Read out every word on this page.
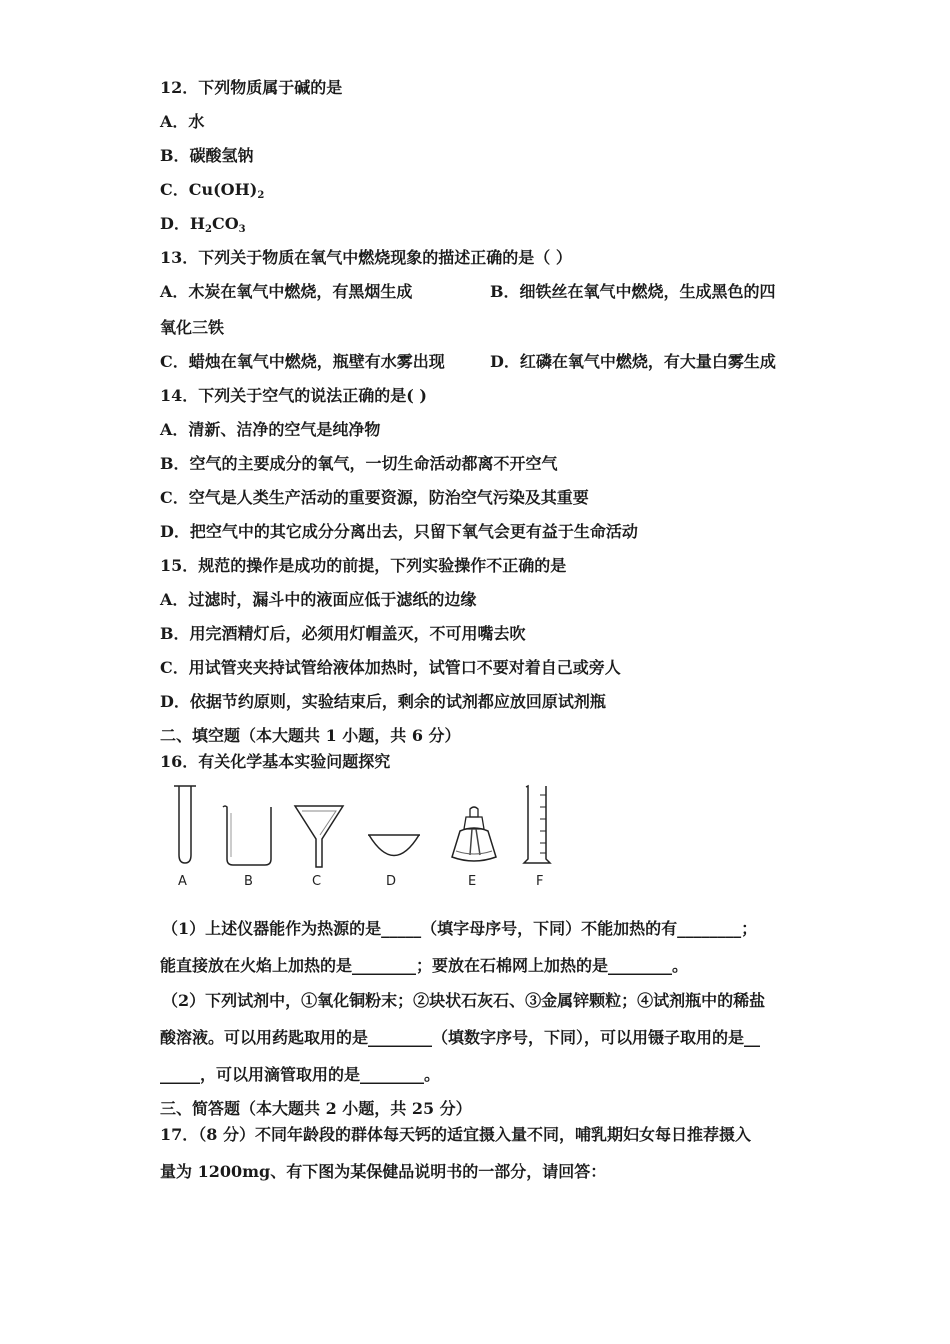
12．下列物质属于碱的是
A．水
B．碳酸氢钠
C．$Cu(OH)_2$
D．$H_2CO_3$
13．下列关于物质在氧气中燃烧现象的描述正确的是（ ）
A．木炭在氧气中燃烧，有黑烟生成	B．细铁丝在氧气中燃烧，生成黑色的四
氧化三铁
C．蜡烛在氧气中燃烧，瓶壁有水雾出现	D．红磷在氧气中燃烧，有大量白雾生成
14．下列关于空气的说法正确的是( )
A．清新、洁净的空气是纯净物
B．空气的主要成分的氧气，一切生命活动都离不开空气
C．空气是人类生产活动的重要资源，防治空气污染及其重要
D．把空气中的其它成分分离出去，只留下氧气会更有益于生命活动
15．规范的操作是成功的前提，下列实验操作不正确的是
A．过滤时，漏斗中的液面应低于滤纸的边缘
B．用完酒精灯后，必须用灯帽盖灭，不可用嘴去吹
C．用试管夹夹持试管给液体加热时，试管口不要对着自己或旁人
D．依据节约原则，实验结束后，剩余的试剂都应放回原试剂瓶
二、填空题（本大题共 1 小题，共 6 分）
16．有关化学基本实验问题探究
A	B	C	D	E	F
（1）上述仪器能作为热源的是_____（填字母序号，下同）不能加热的有________；
能直接放在火焰上加热的是________；要放在石棉网上加热的是________。
（2）下列试剂中，①氧化铜粉末；②块状石灰石、③金属锌颗粒；④试剂瓶中的稀盐
酸溶液。可以用药匙取用的是________（填数字序号，下同），可以用镊子取用的是__
_____，可以用滴管取用的是________。
三、简答题（本大题共 2 小题，共 25 分）
17．（8 分）不同年龄段的群体每天钙的适宜摄入量不同，哺乳期妇女每日推荐摄入
量为 1200mg、有下图为某保健品说明书的一部分，请回答：
